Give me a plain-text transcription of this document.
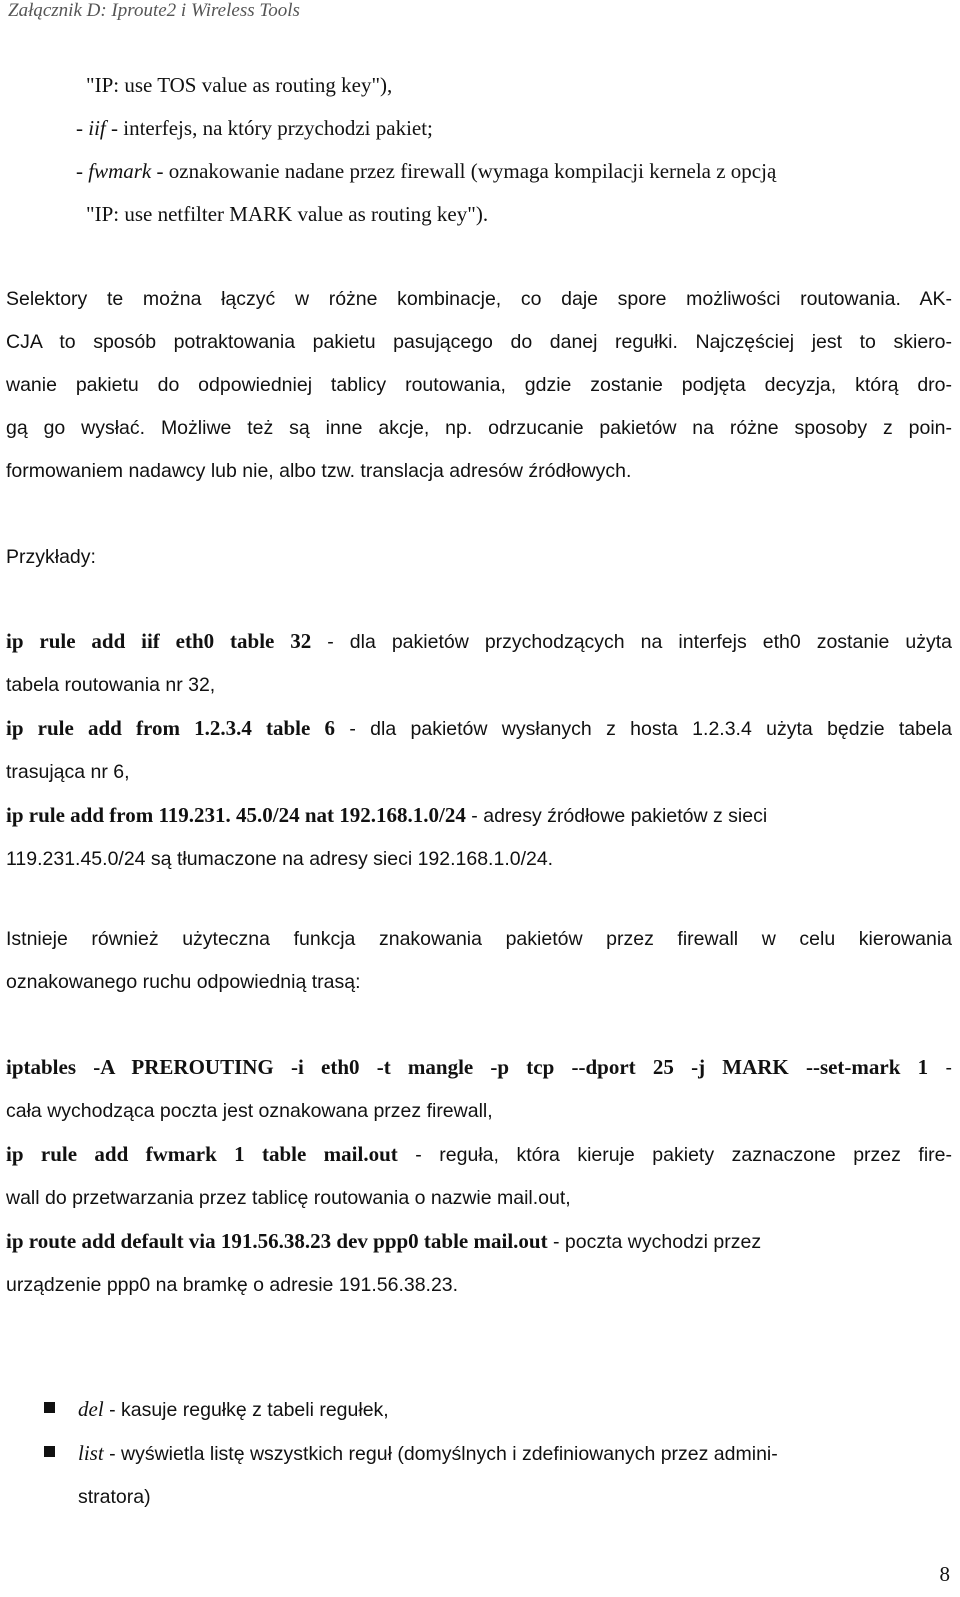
Załącznik D: Iproute2 i Wireless Tools
"IP: use TOS value as routing key"),
- iif - interfejs, na który przychodzi pakiet;
- fwmark - oznakowanie nadane przez firewall (wymaga kompilacji kernela z opcją
"IP: use netfilter MARK value as routing key").
Selektory te można łączyć w różne kombinacje, co daje spore możliwości routowania. AK-
CJA to sposób potraktowania pakietu pasującego do danej regułki. Najczęściej jest to skiero-
wanie pakietu do odpowiedniej tablicy routowania, gdzie zostanie podjęta decyzja, którą dro-
gą go wysłać. Możliwe też są inne akcje, np. odrzucanie pakietów na różne sposoby z poin-
formowaniem nadawcy lub nie, albo tzw. translacja adresów źródłowych.
Przykłady:
ip rule add iif eth0 table 32 - dla pakietów przychodzących na interfejs eth0 zostanie użyta
tabela routowania nr 32,
ip rule add from 1.2.3.4 table 6 - dla pakietów wysłanych z hosta 1.2.3.4 użyta będzie tabela
trasująca nr 6,
ip rule add from 119.231. 45.0/24 nat 192.168.1.0/24 - adresy źródłowe pakietów z sieci
119.231.45.0/24 są tłumaczone na adresy sieci 192.168.1.0/24.
Istnieje również użyteczna funkcja znakowania pakietów przez firewall w celu kierowania
oznakowanego ruchu odpowiednią trasą:
iptables -A PREROUTING -i eth0 -t mangle -p tcp --dport 25 -j MARK --set-mark 1 -
cała wychodząca poczta jest oznakowana przez firewall,
ip rule add fwmark 1 table mail.out - reguła, która kieruje pakiety zaznaczone przez fire-
wall do przetwarzania przez tablicę routowania o nazwie mail.out,
ip route add default via 191.56.38.23 dev ppp0 table mail.out - poczta wychodzi przez
urządzenie ppp0 na bramkę o adresie 191.56.38.23.
del - kasuje regułkę z tabeli regułek,
list - wyświetla listę wszystkich reguł (domyślnych i zdefiniowanych przez admini-
stratora)
8
